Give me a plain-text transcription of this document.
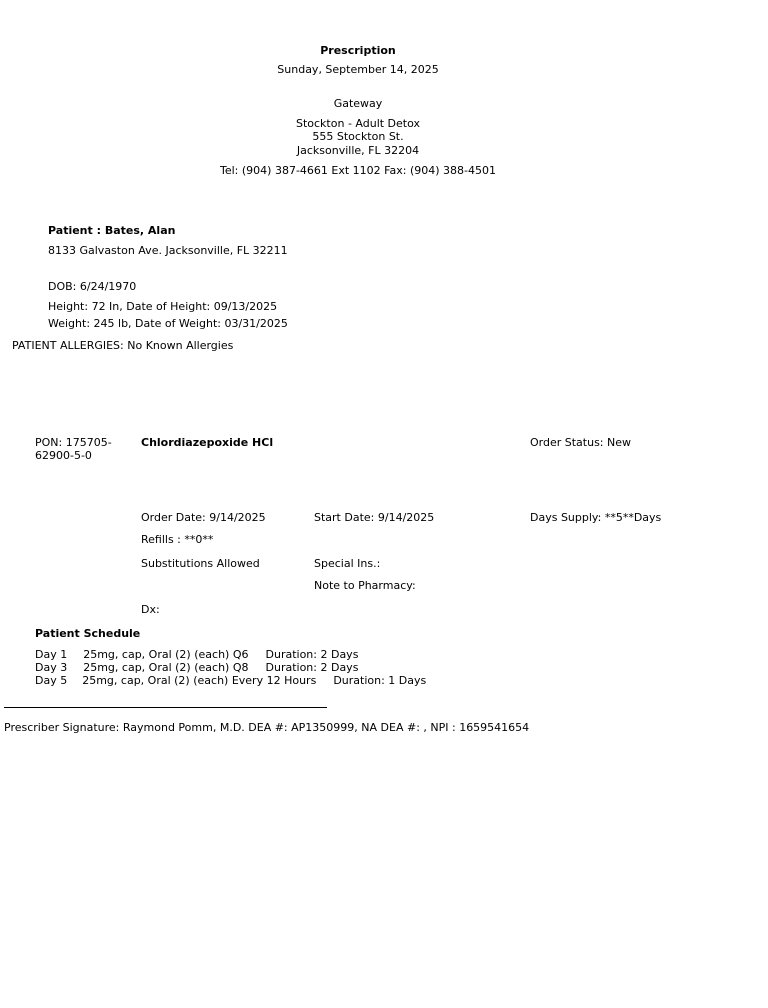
Prescription
Sunday, September 14, 2025
Gateway
Stockton - Adult Detox
555 Stockton St.
Jacksonville, FL 32204
Tel: (904) 387-4661 Ext 1102 Fax: (904) 388-4501
Patient : Bates, Alan
8133 Galvaston Ave. Jacksonville, FL 32211
DOB: 6/24/1970
Height: 72 In, Date of Height: 09/13/2025
Weight: 245 lb, Date of Weight: 03/31/2025
PATIENT ALLERGIES: No Known Allergies
PON: 175705-62900-5-0
Chlordiazepoxide HCl	Order Status: New
Order Date: 9/14/2025	Start Date: 9/14/2025	Days Supply: **5**Days
Refills : **0**
Substitutions Allowed	Special Ins.:
Note to Pharmacy:
Dx:
Patient Schedule
Day 1 25mg, cap, Oral (2) (each) Q6 Duration: 2 Days
Day 3 25mg, cap, Oral (2) (each) Q8 Duration: 2 Days
Day 5 25mg, cap, Oral (2) (each) Every 12 Hours Duration: 1 Days
Prescriber Signature: Raymond Pomm, M.D. DEA #: AP1350999, NA DEA #: , NPI : 1659541654
